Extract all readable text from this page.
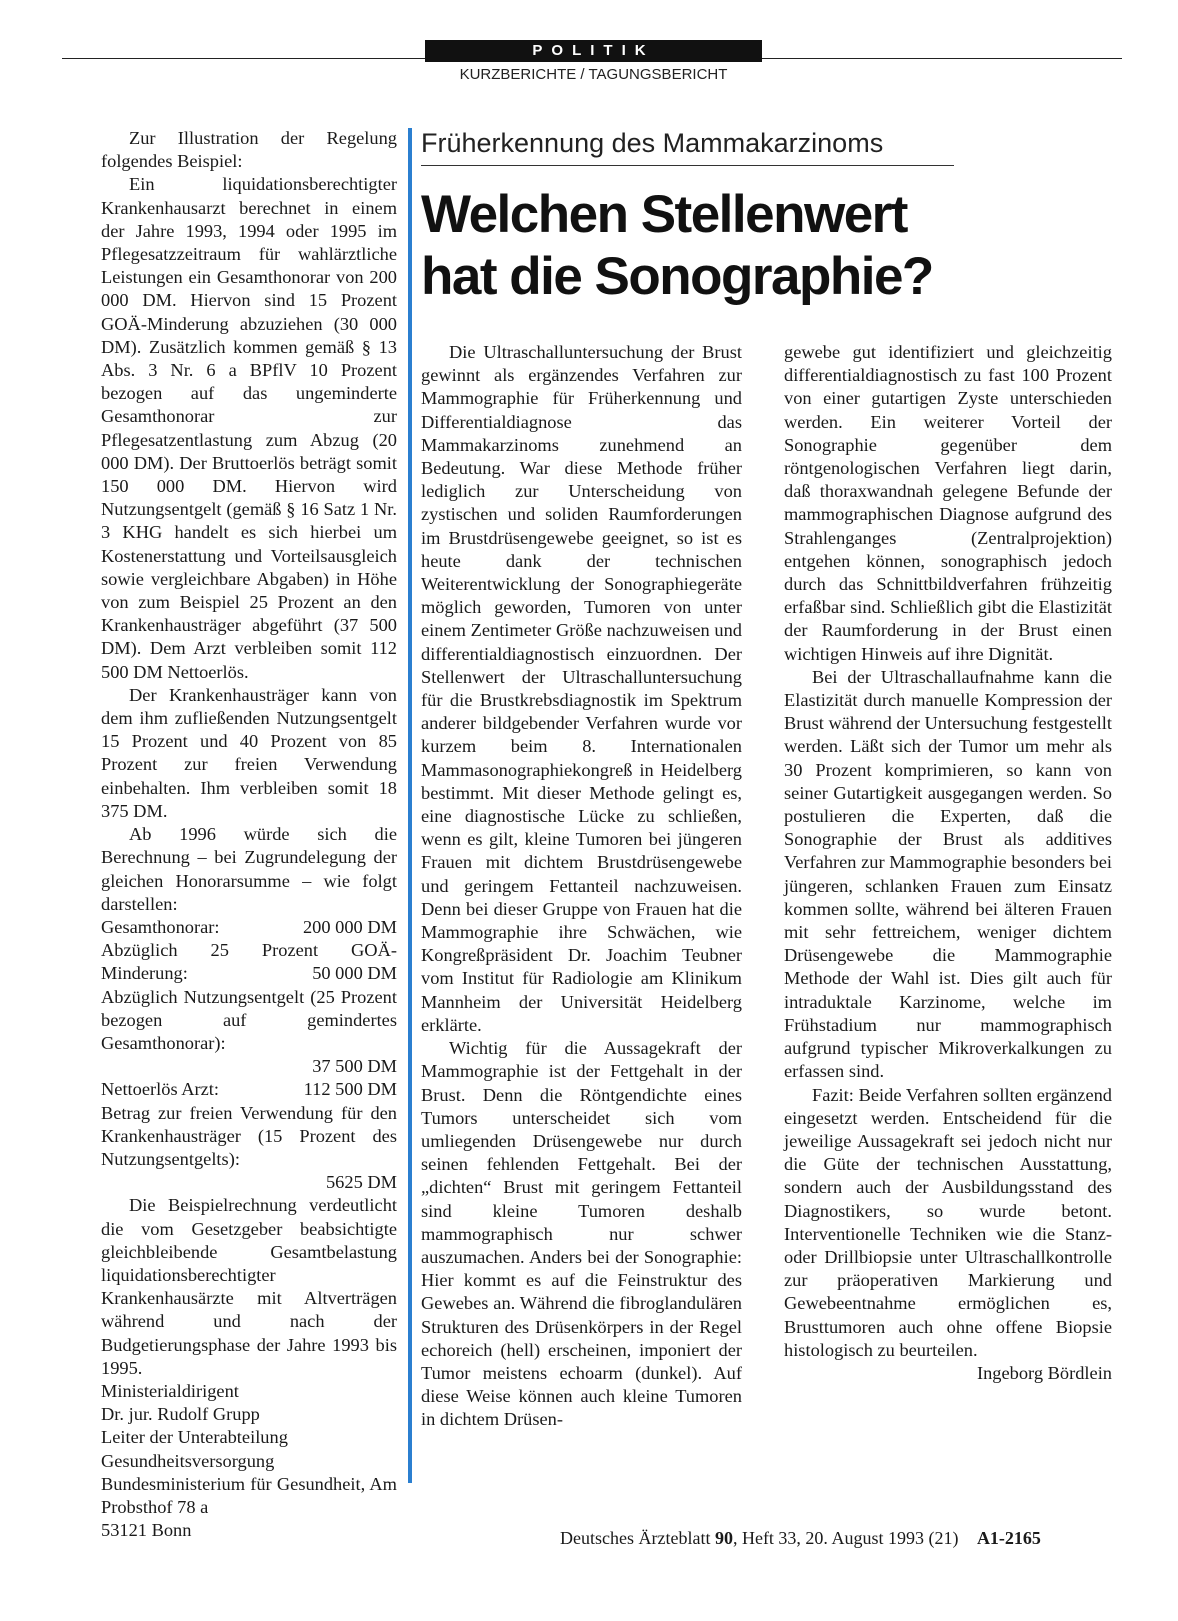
POLITIK
KURZBERICHTE / TAGUNGSBERICHT

Zur Illustration der Regelung folgendes Beispiel:

Ein liquidationsberechtigter Krankenhausarzt berechnet in einem der Jahre 1993, 1994 oder 1995 im Pflegesatzzeitraum für wahlärztliche Leistungen ein Gesamthonorar von 200 000 DM. Hiervon sind 15 Prozent GOÄ-Minderung abzuziehen (30 000 DM). Zusätzlich kommen gemäß § 13 Abs. 3 Nr. 6 a BPflV 10 Prozent bezogen auf das ungeminderte Gesamthonorar zur Pflegesatzentlastung zum Abzug (20 000 DM). Der Bruttoerlös beträgt somit 150 000 DM. Hiervon wird Nutzungsentgelt (gemäß § 16 Satz 1 Nr. 3 KHG handelt es sich hierbei um Kostenerstattung und Vorteilsausgleich sowie vergleichbare Abgaben) in Höhe von zum Beispiel 25 Prozent an den Krankenhausträger abgeführt (37 500 DM). Dem Arzt verbleiben somit 112 500 DM Nettoerlös.

Der Krankenhausträger kann von dem ihm zufließenden Nutzungsentgelt 15 Prozent und 40 Prozent von 85 Prozent zur freien Verwendung einbehalten. Ihm verbleiben somit 18 375 DM.

Ab 1996 würde sich die Berechnung – bei Zugrundelegung der gleichen Honorarsumme – wie folgt darstellen:

Gesamthonorar:	200 000 DM
Abzüglich 25 Prozent GOÄ-
Minderung:	50 000 DM
Abzüglich Nutzungsentgelt (25 Prozent bezogen auf gemindertes Gesamthonorar):
37 500 DM
Nettoerlös Arzt:	112 500 DM
Betrag zur freien Verwendung für den Krankenhausträger (15 Prozent des Nutzungsentgelts):
5625 DM

Die Beispielrechnung verdeutlicht die vom Gesetzgeber beabsichtigte gleichbleibende Gesamtbelastung liquidationsberechtigter Krankenhausärzte mit Altverträgen während und nach der Budgetierungsphase der Jahre 1993 bis 1995.

Ministerialdirigent
Dr. jur. Rudolf Grupp
Leiter der Unterabteilung
Gesundheitsversorgung
Bundesministerium für Gesundheit, Am Probsthof 78 a
53121 Bonn
Früherkennung des Mammakarzinoms
Welchen Stellenwert
hat die Sonographie?

Die Ultraschalluntersuchung der Brust gewinnt als ergänzendes Verfahren zur Mammographie für Früherkennung und Differentialdiagnose das Mammakarzinoms zunehmend an Bedeutung. War diese Methode früher lediglich zur Unterscheidung von zystischen und soliden Raumforderungen im Brustdrüsengewebe geeignet, so ist es heute dank der technischen Weiterentwicklung der Sonographiegeräte möglich geworden, Tumoren von unter einem Zentimeter Größe nachzuweisen und differentialdiagnostisch einzuordnen. Der Stellenwert der Ultraschalluntersuchung für die Brustkrebsdiagnostik im Spektrum anderer bildgebender Verfahren wurde vor kurzem beim 8. Internationalen Mammasonographiekongreß in Heidelberg bestimmt. Mit dieser Methode gelingt es, eine diagnostische Lücke zu schließen, wenn es gilt, kleine Tumoren bei jüngeren Frauen mit dichtem Brustdrüsengewebe und geringem Fettanteil nachzuweisen. Denn bei dieser Gruppe von Frauen hat die Mammographie ihre Schwächen, wie Kongreßpräsident Dr. Joachim Teubner vom Institut für Radiologie am Klinikum Mannheim der Universität Heidelberg erklärte.

Wichtig für die Aussagekraft der Mammographie ist der Fettgehalt in der Brust. Denn die Röntgendichte eines Tumors unterscheidet sich vom umliegenden Drüsengewebe nur durch seinen fehlenden Fettgehalt. Bei der „dichten“ Brust mit geringem Fettanteil sind kleine Tumoren deshalb mammographisch nur schwer auszumachen. Anders bei der Sonographie: Hier kommt es auf die Feinstruktur des Gewebes an. Während die fibroglandulären Strukturen des Drüsenkörpers in der Regel echoreich (hell) erscheinen, imponiert der Tumor meistens echoarm (dunkel). Auf diese Weise können auch kleine Tumoren in dichtem Drüsen-

gewebe gut identifiziert und gleichzeitig differentialdiagnostisch zu fast 100 Prozent von einer gutartigen Zyste unterschieden werden. Ein weiterer Vorteil der Sonographie gegenüber dem röntgenologischen Verfahren liegt darin, daß thoraxwandnah gelegene Befunde der mammographischen Diagnose aufgrund des Strahlenganges (Zentralprojektion) entgehen können, sonographisch jedoch durch das Schnittbildverfahren frühzeitig erfaßbar sind. Schließlich gibt die Elastizität der Raumforderung in der Brust einen wichtigen Hinweis auf ihre Dignität.

Bei der Ultraschallaufnahme kann die Elastizität durch manuelle Kompression der Brust während der Untersuchung festgestellt werden. Läßt sich der Tumor um mehr als 30 Prozent komprimieren, so kann von seiner Gutartigkeit ausgegangen werden. So postulieren die Experten, daß die Sonographie der Brust als additives Verfahren zur Mammographie besonders bei jüngeren, schlanken Frauen zum Einsatz kommen sollte, während bei älteren Frauen mit sehr fettreichem, weniger dichtem Drüsengewebe die Mammographie Methode der Wahl ist. Dies gilt auch für intraduktale Karzinome, welche im Frühstadium nur mammographisch aufgrund typischer Mikroverkalkungen zu erfassen sind.

Fazit: Beide Verfahren sollten ergänzend eingesetzt werden. Entscheidend für die jeweilige Aussagekraft sei jedoch nicht nur die Güte der technischen Ausstattung, sondern auch der Ausbildungsstand des Diagnostikers, so wurde betont. Interventionelle Techniken wie die Stanz- oder Drillbiopsie unter Ultraschallkontrolle zur präoperativen Markierung und Gewebeentnahme ermöglichen es, Brusttumoren auch ohne offene Biopsie histologisch zu beurteilen.

Ingeborg Bördlein
Deutsches Ärzteblatt 90, Heft 33, 20. August 1993 (21) A1-2165
